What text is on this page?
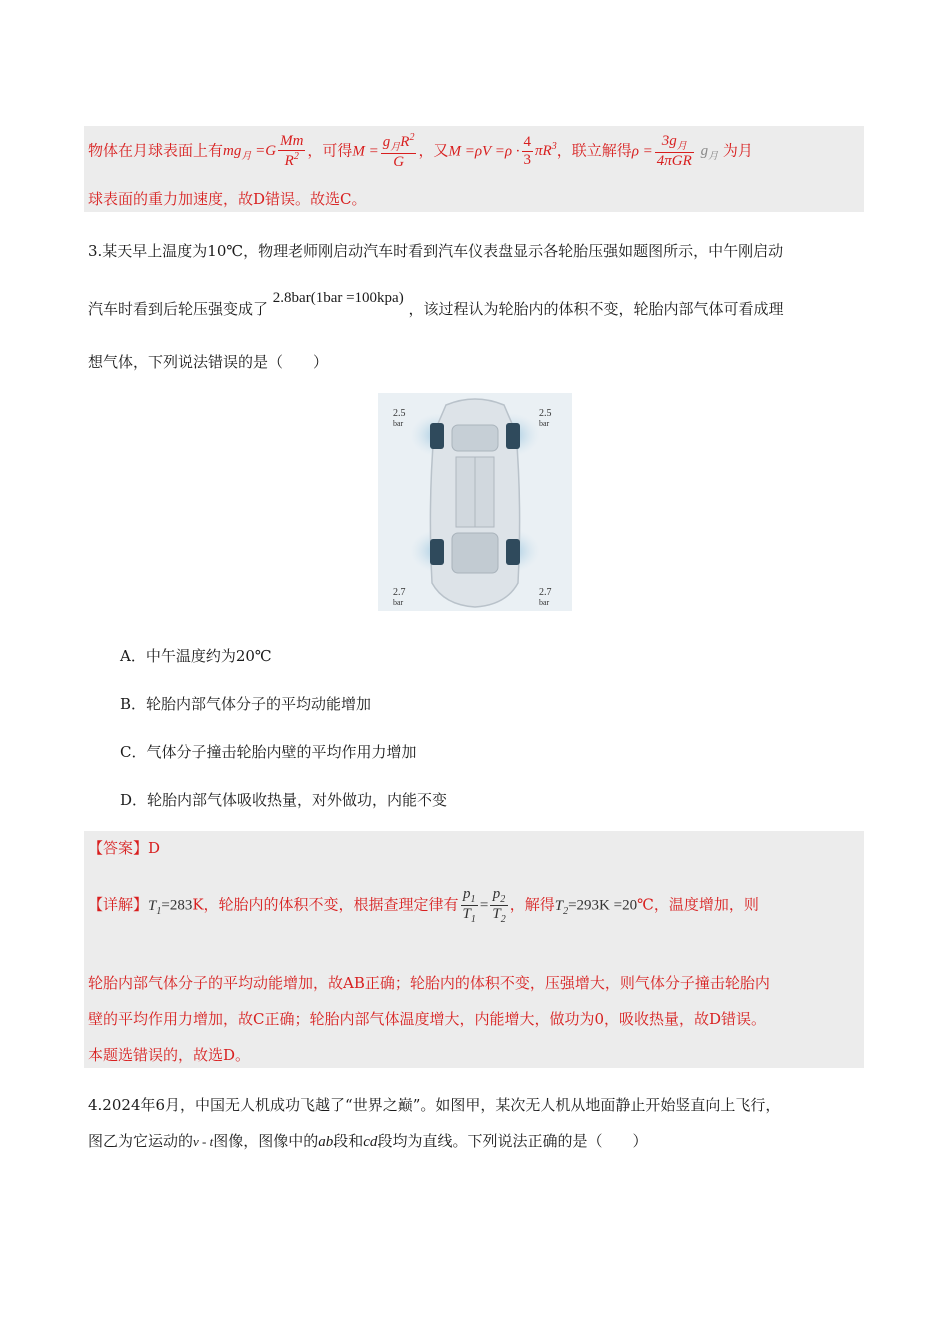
物体在月球表面上有$mg_月 =G \frac{Mm}{R^2}$ ，可得$M = \frac{g_月R^2}{G}$ ，又$M =\rho V =\rho \cdot \frac{4}{3} \pi R^3$，联立解得$\rho = \frac{3g_月}{\text{4πGR}} g_月$ 为月
球表面的重力加速度，故D错误。故选C。
3.某天早上温度为10℃，物理老师刚启动汽车时看到汽车仪表盘显示各轮胎压强如题图所示，中午刚启动
汽车时看到后轮压强变成了 2.8bar(1bar =100kpa) ，该过程认为轮胎内的体积不变，轮胎内部气体可看成理
想气体，下列说法错误的是（　　）
2.5
bar
2.5
bar
2.7
bar
2.7
bar
A．中午温度约为20℃
B．轮胎内部气体分子的平均动能增加
C．气体分子撞击轮胎内壁的平均作用力增加
D．轮胎内部气体吸收热量，对外做功，内能不变
【答案】D
【详解】$T_1=283K$，轮胎内的体积不变，根据查理定律有 $\frac{p_1}{T_1} = \frac{p_2}{T_2}$ ，解得$T_2=293K$ =20℃，温度增加，则
轮胎内部气体分子的平均动能增加，故AB正确；轮胎内的体积不变，压强增大，则气体分子撞击轮胎内
壁的平均作用力增加，故C正确；轮胎内部气体温度增大，内能增大，做功为0，吸收热量，故D错误。
本题选错误的，故选D。
4.2024年6月，中国无人机成功飞越了“世界之巅”。如图甲，某次无人机从地面静止开始竖直向上飞行，
图乙为它运动的v - t图像，图像中的ab段和cd段均为直线。下列说法正确的是（　　）
